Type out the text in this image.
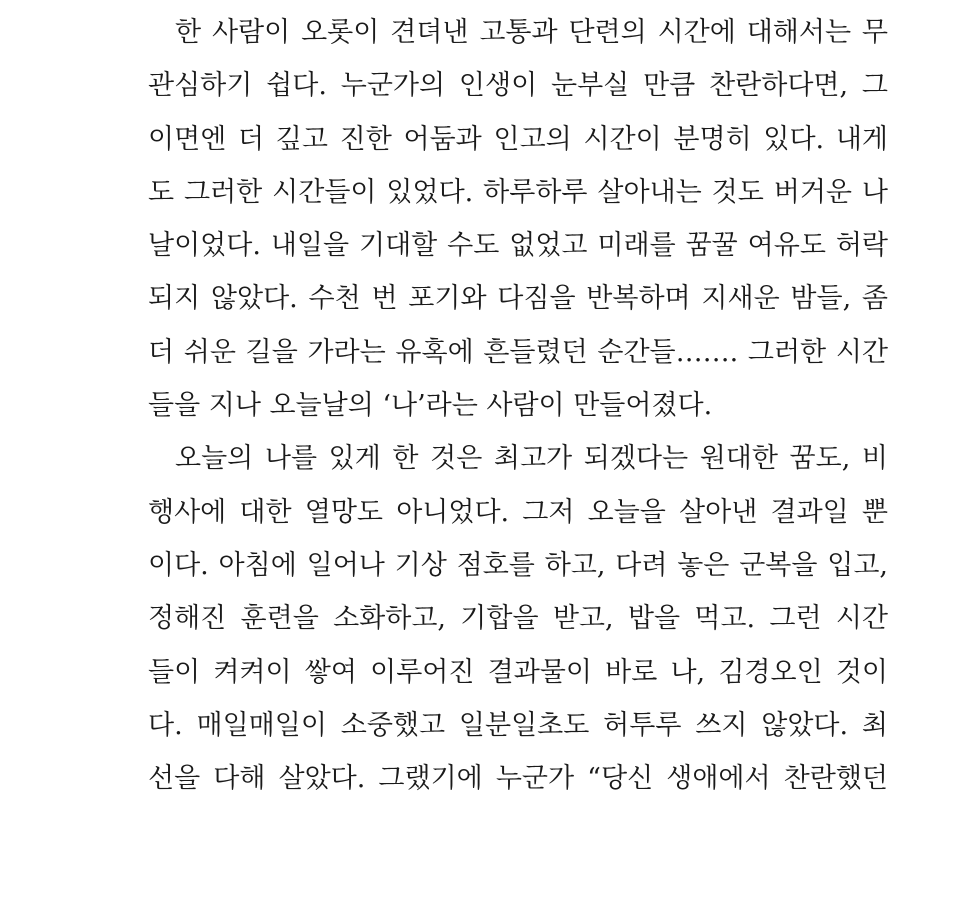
한 사람이 오롯이 견뎌낸 고통과 단련의 시간에 대해서는 무
관심하기 쉽다. 누군가의 인생이 눈부실 만큼 찬란하다면, 그
이면엔 더 깊고 진한 어둠과 인고의 시간이 분명히 있다. 내게
도 그러한 시간들이 있었다. 하루하루 살아내는 것도 버거운 나
날이었다. 내일을 기대할 수도 없었고 미래를 꿈꿀 여유도 허락
되지 않았다. 수천 번 포기와 다짐을 반복하며 지새운 밤들, 좀
더 쉬운 길을 가라는 유혹에 흔들렸던 순간들……. 그러한 시간
들을 지나 오늘날의 ‘나’라는 사람이 만들어졌다.
오늘의 나를 있게 한 것은 최고가 되겠다는 원대한 꿈도, 비
행사에 대한 열망도 아니었다. 그저 오늘을 살아낸 결과일 뿐
이다. 아침에 일어나 기상 점호를 하고, 다려 놓은 군복을 입고,
정해진 훈련을 소화하고, 기합을 받고, 밥을 먹고. 그런 시간
들이 켜켜이 쌓여 이루어진 결과물이 바로 나, 김경오인 것이
다. 매일매일이 소중했고 일분일초도 허투루 쓰지 않았다. 최
선을 다해 살았다. 그랬기에 누군가 “당신 생애에서 찬란했던
